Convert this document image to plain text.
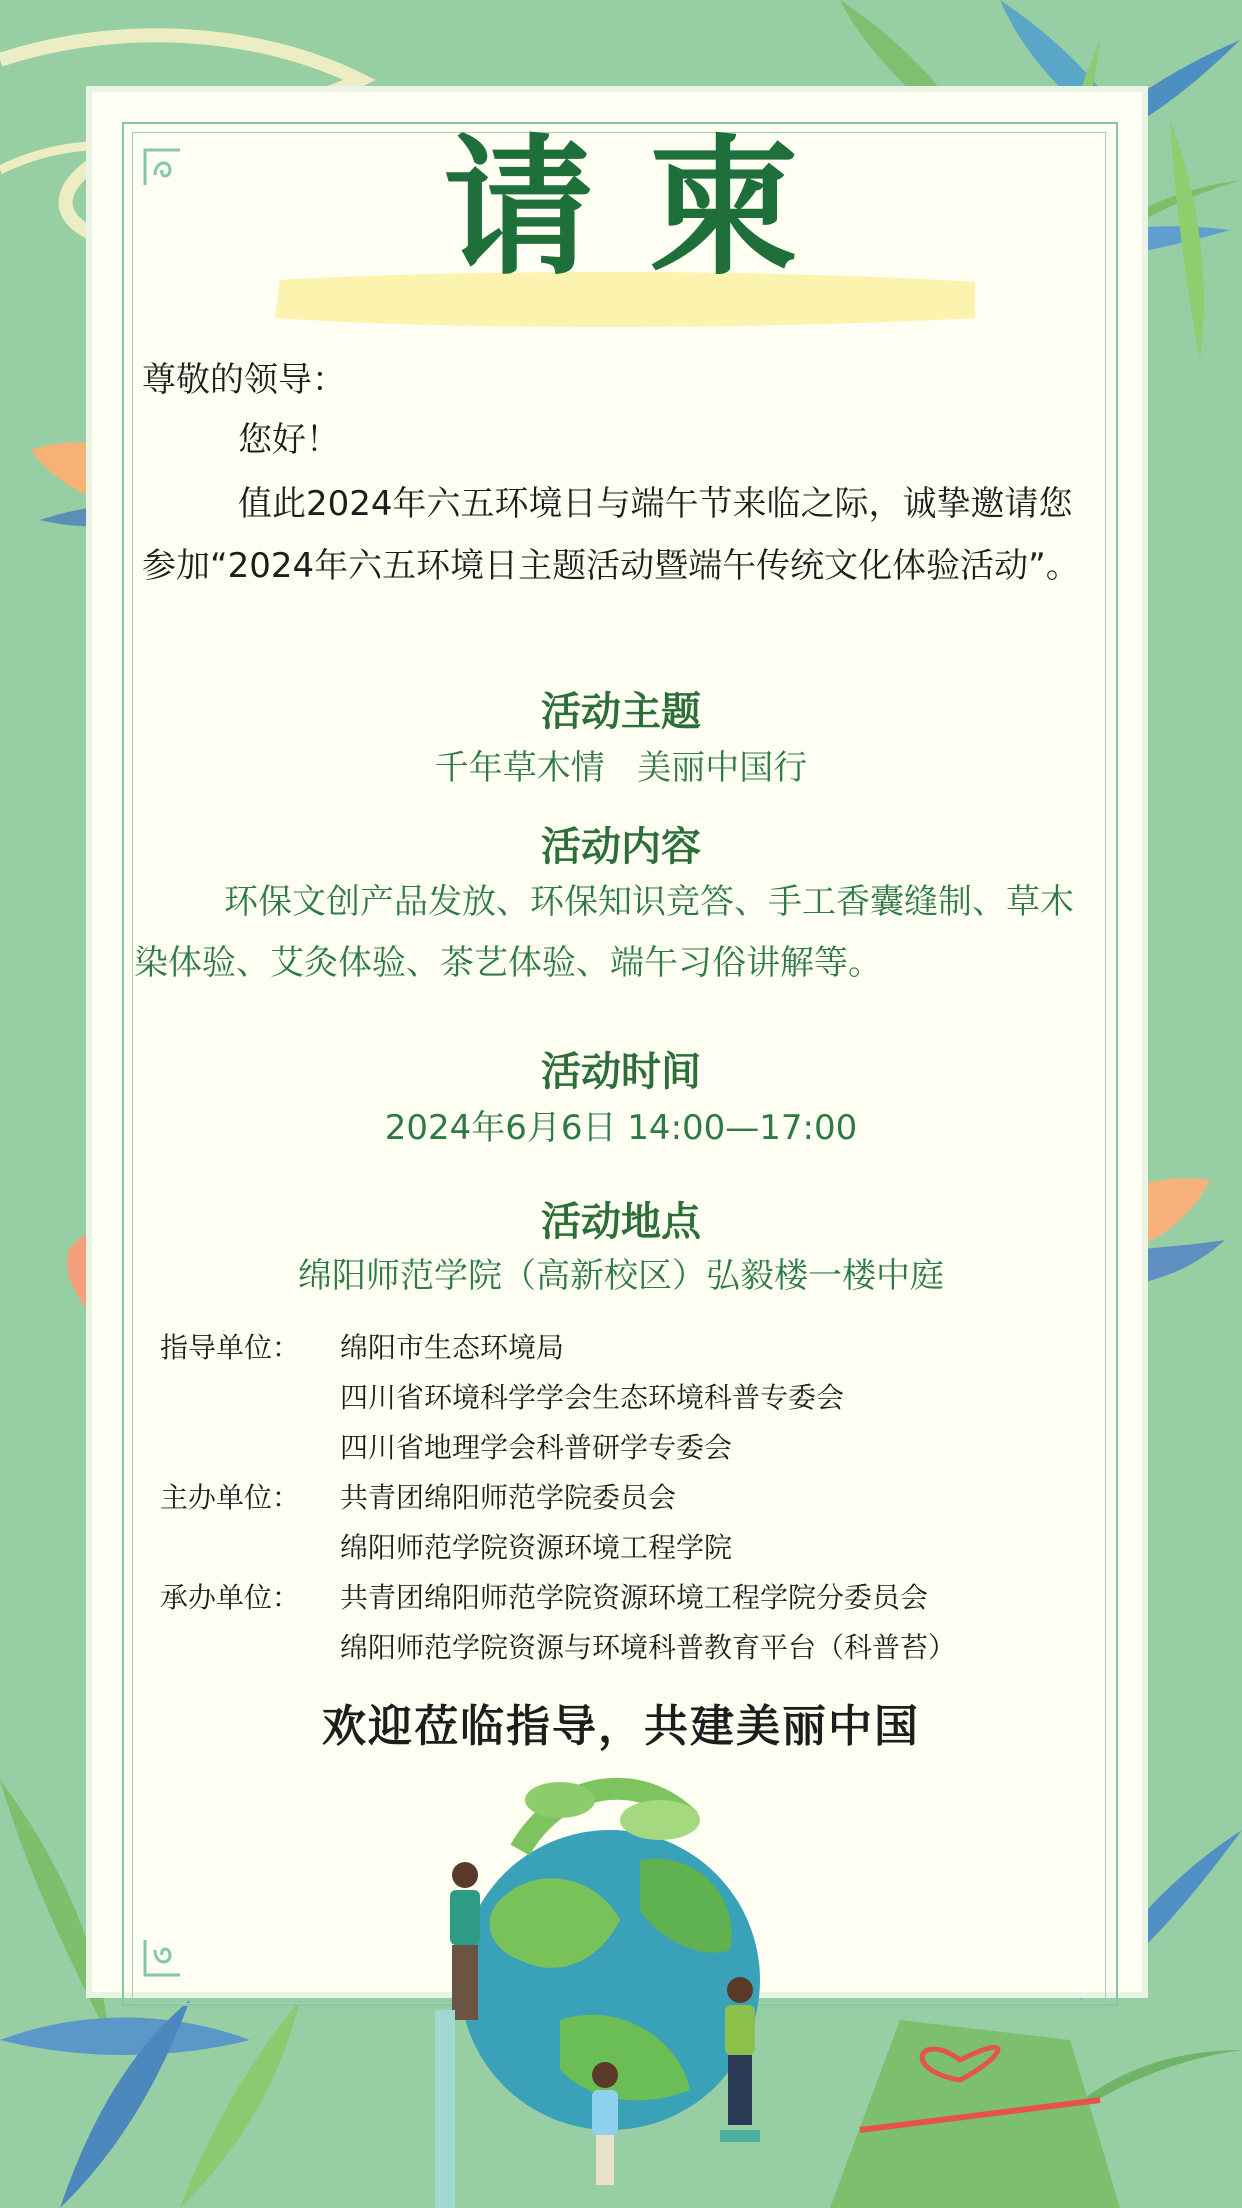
请柬
尊敬的领导：
您好！
值此2024年六五环境日与端午节来临之际，诚挚邀请您参加“2024年六五环境日主题活动暨端午传统文化体验活动”。
活动主题
千年草木情   美丽中国行
活动内容
环保文创产品发放、环保知识竞答、手工香囊缝制、草木染体验、艾灸体验、茶艺体验、端午习俗讲解等。
活动时间
2024年6月6日 14:00—17:00
活动地点
绵阳师范学院（高新校区）弘毅楼一楼中庭
指导单位： 绵阳市生态环境局
四川省环境科学学会生态环境科普专委会
四川省地理学会科普研学专委会
主办单位： 共青团绵阳师范学院委员会
绵阳师范学院资源环境工程学院
承办单位： 共青团绵阳师范学院资源环境工程学院分委员会
绵阳师范学院资源与环境科普教育平台（科普苔）
欢迎莅临指导，共建美丽中国
